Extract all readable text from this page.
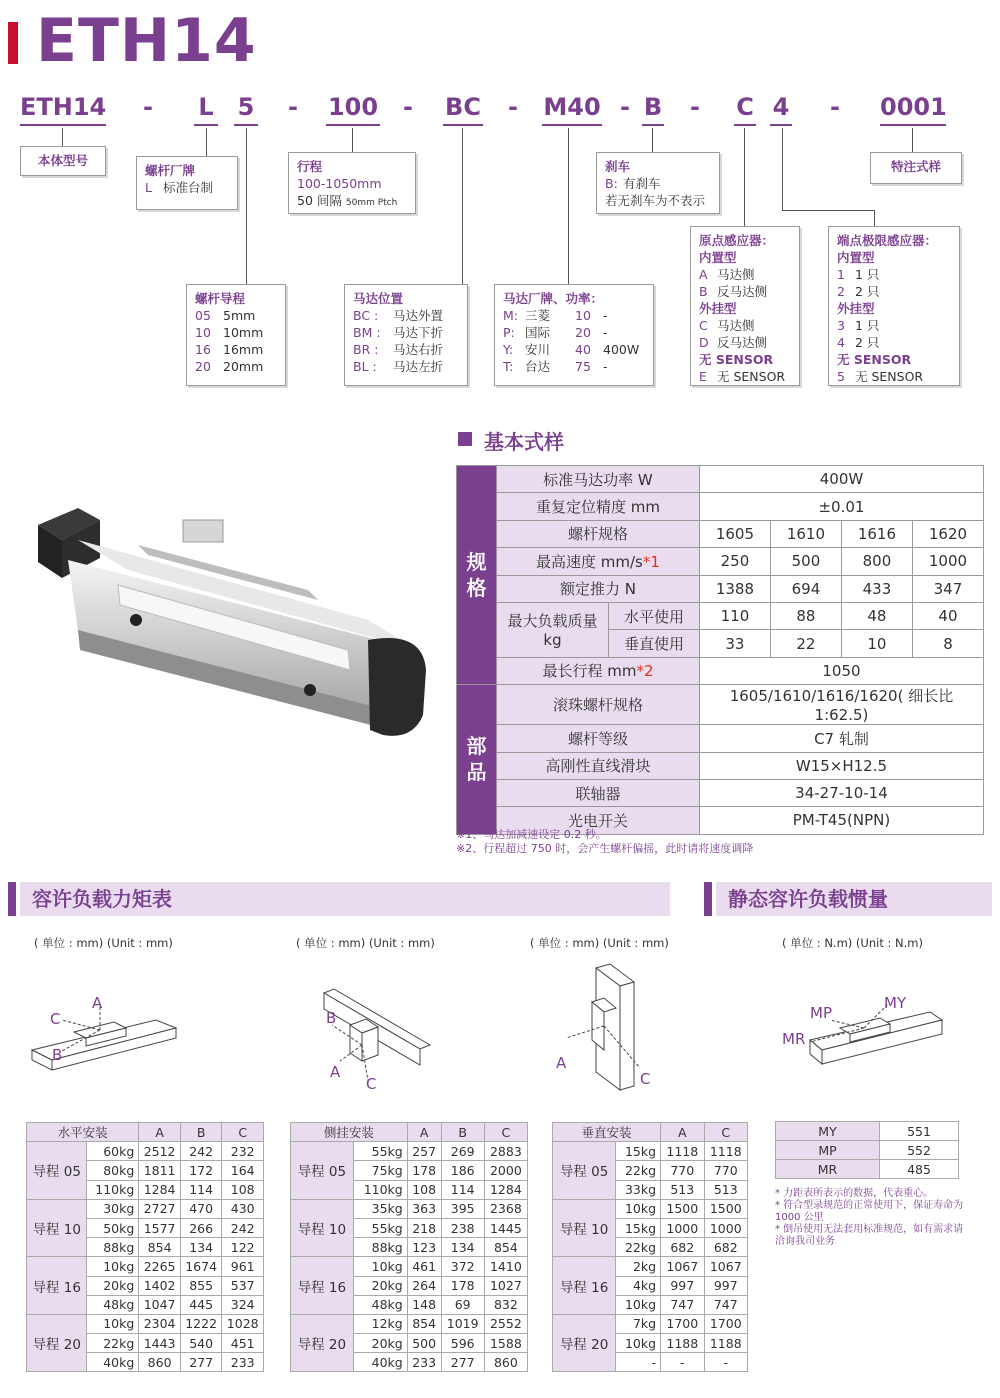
ETH14
ETH14 - L 5 - 100 - BC - M40 - B - C 4 - 0001
本体型号
螺杆厂牌
L 标准台制
行程
100-1050mm
50 间隔 50mm Ptch
刹车
B: 有刹车
若无刹车为不表示
特注式样
螺杆导程
05 5mm
10 10mm
16 16mm
20 20mm
马达位置
BC :	马达外置
BM : 马达下折
BR :	马达右折
BL :	马达左折
马达厂牌、功率：
M: 三菱	10 -
P: 国际	20 -
Y: 安川	40 400W
T: 台达	75 -
原点感应器：
内置型
A 马达侧
B 反马达侧
外挂型
C 马达侧
D 反马达侧
无 SENSOR
E 无 SENSOR
端点极限感应器：
内置型
1 1 只
2 2 只
外挂型
3 1 只
4 2 只
无 SENSOR
5 无 SENSOR
基本式样
规格	标准马达功率 W		400W			
	重复定位精度 mm		±0.01			
	螺杆规格		1605	1610	1616	1620
	最高速度 mm/s*1		250	500	800	1000
	额定推力 N		1388	694	433	347
	最大负载质量 kg	水平使用	110	88	48	40
		垂直使用	33	22	10	8
	最长行程 mm*2		1050			
部品	滚珠螺杆规格		1605/1610/1616/1620( 细长比 1:62.5)			
	螺杆等级		C7 轧制			
	高刚性直线滑块		W15×H12.5			
	联轴器		34-27-10-14			
	光电开关		PM-T45(NPN)			
※1、马达加减速设定 0.2 秒。
※2、行程超过 750 时，会产生螺杆偏摇，此时请将速度调降
容许负载力矩表	静态容许负载惯量
( 单位 : mm) (Unit : mm)	( 单位 : mm) (Unit : mm)	( 单位 : mm) (Unit : mm)	( 单位 : N.m) (Unit : N.m)
A
C
B
B
A
C
A
C
MY
MP
MR
水平安装		A	B	C
导程 05	60kg	2512	242	232
	80kg	1811	172	164
	110kg	1284	114	108
导程 10	30kg	2727	470	430
	50kg	1577	266	242
	88kg	854	134	122
导程 16	10kg	2265	1674	961
	20kg	1402	855	537
	48kg	1047	445	324
导程 20	10kg	2304	1222	1028
	22kg	1443	540	451
	40kg	860	277	233
侧挂安装		A	B	C
导程 05	55kg	257	269	2883
	75kg	178	186	2000
	110kg	108	114	1284
导程 10	35kg	363	395	2368
	55kg	218	238	1445
	88kg	123	134	854
导程 16	10kg	461	372	1410
	20kg	264	178	1027
	48kg	148	69	832
导程 20	12kg	854	1019	2552
	20kg	500	596	1588
	40kg	233	277	860
垂直安装		A	C
导程 05	15kg	1118	1118
	22kg	770	770
	33kg	513	513
导程 10	10kg	1500	1500
	15kg	1000	1000
	22kg	682	682
导程 16	2kg	1067	1067
	4kg	997	997
	10kg	747	747
导程 20	7kg	1700	1700
	10kg	1188	1188
	-	-	-
MY	551
MP	552
MR	485
* 力距表所表示的数据，代表重心。
* 符合型录规范的正常使用下，保证寿命为 1000 公里
* 倒吊使用无法套用标准规范，如有需求请洽询我司业务
